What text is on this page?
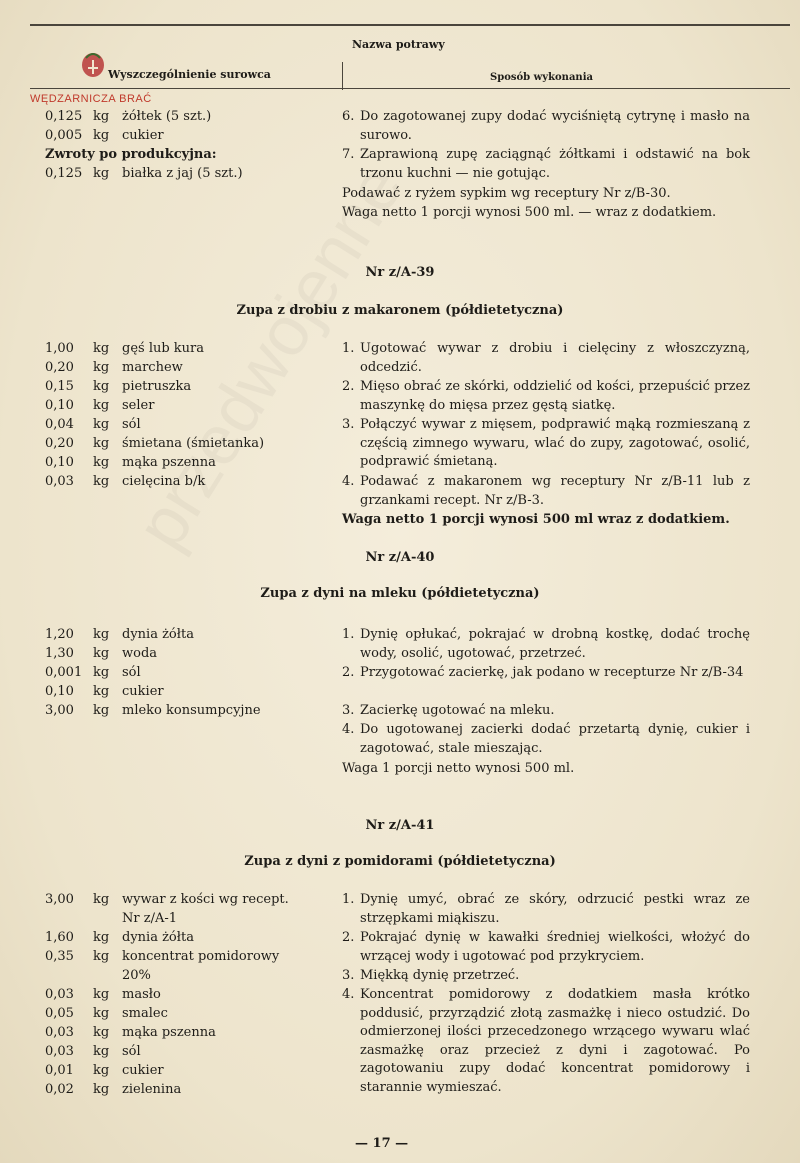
Nazwa potrawy
Wyszczególnienie surowca	Sposób wykonania
WĘDZARNICZA BRAĆ
0,125 kg żółtek (5 szt.)
0,005 kg cukier
Zwroty po produkcyjna:
0,125 kg białka z jaj (5 szt.)
6. Do zagotowanej zupy dodać wyciśniętą cytrynę i masło na surowo.
7. Zaprawioną zupę zaciągnąć żółtkami i odstawić na bok trzonu kuchni — nie gotując.
Podawać z ryżem sypkim wg receptury Nr z/B-30.
Waga netto 1 porcji wynosi 500 ml. — wraz z dodatkiem.
Nr z/A-39
Zupa z drobiu z makaronem (półdietetyczna)
1,00	kg gęś lub kura
0,20	kg marchew
0,15	kg pietruszka
0,10	kg seler
0,04	kg sól
0,20	kg śmietana (śmietanka)
0,10	kg mąka pszenna
0,03	kg cielęcina b/k
1. Ugotować wywar z drobiu i cielęciny z włoszczyzną, odcedzić.
2. Mięso obrać ze skórki, oddzielić od kości, przepuścić przez maszynkę do mięsa przez gęstą siatkę.
3. Połączyć wywar z mięsem, podprawić mąką rozmieszaną z częścią zimnego wywaru, wlać do zupy, zagotować, osolić, podprawić śmietaną.
4. Podawać z makaronem wg receptury Nr z/B-11 lub z grzankami recept. Nr z/B-3.
Waga netto 1 porcji wynosi 500 ml wraz z dodatkiem.
Nr z/A-40
Zupa z dyni na mleku (półdietetyczna)
1,20	kg dynia żółta
1,30	kg woda
0,001 kg sól
0,10	kg cukier
3,00	kg mleko konsumpcyjne
1. Dynię opłukać, pokrajać w drobną kostkę, dodać trochę wody, osolić, ugotować, przetrzeć.
2. Przygotować zacierkę, jak podano w recepturze Nr z/B-34
3. Zacierkę ugotować na mleku.
4. Do ugotowanej zacierki dodać przetartą dynię, cukier i zagotować, stale mieszając.
Waga 1 porcji netto wynosi 500 ml.
Nr z/A-41
Zupa z dyni z pomidorami (półdietetyczna)
3,00	kg wywar z kości wg recept.
Nr z/A-1
1,60	kg dynia żółta
0,35	kg koncentrat pomidorowy
20%
0,03	kg masło
0,05	kg smalec
0,03	kg mąka pszenna
0,03	kg sól
0,01	kg cukier
0,02	kg zielenina
1. Dynię umyć, obrać ze skóry, odrzucić pestki wraz ze strzępkami miąkiszu.
2. Pokrajać dynię w kawałki średniej wielkości, włożyć do wrzącej wody i ugotować pod przykryciem.
3. Miękką dynię przetrzeć.
4. Koncentrat pomidorowy z dodatkiem masła krótko poddusić, przyrządzić złotą zasmażkę i nieco ostudzić. Do odmierzonej ilości przecedzonego wrzącego wywaru wlać zasmażkę oraz przecież z dyni i zagotować. Po zagotowaniu zupy dodać koncentrat pomidorowy i starannie wymieszać.
— 17 —
